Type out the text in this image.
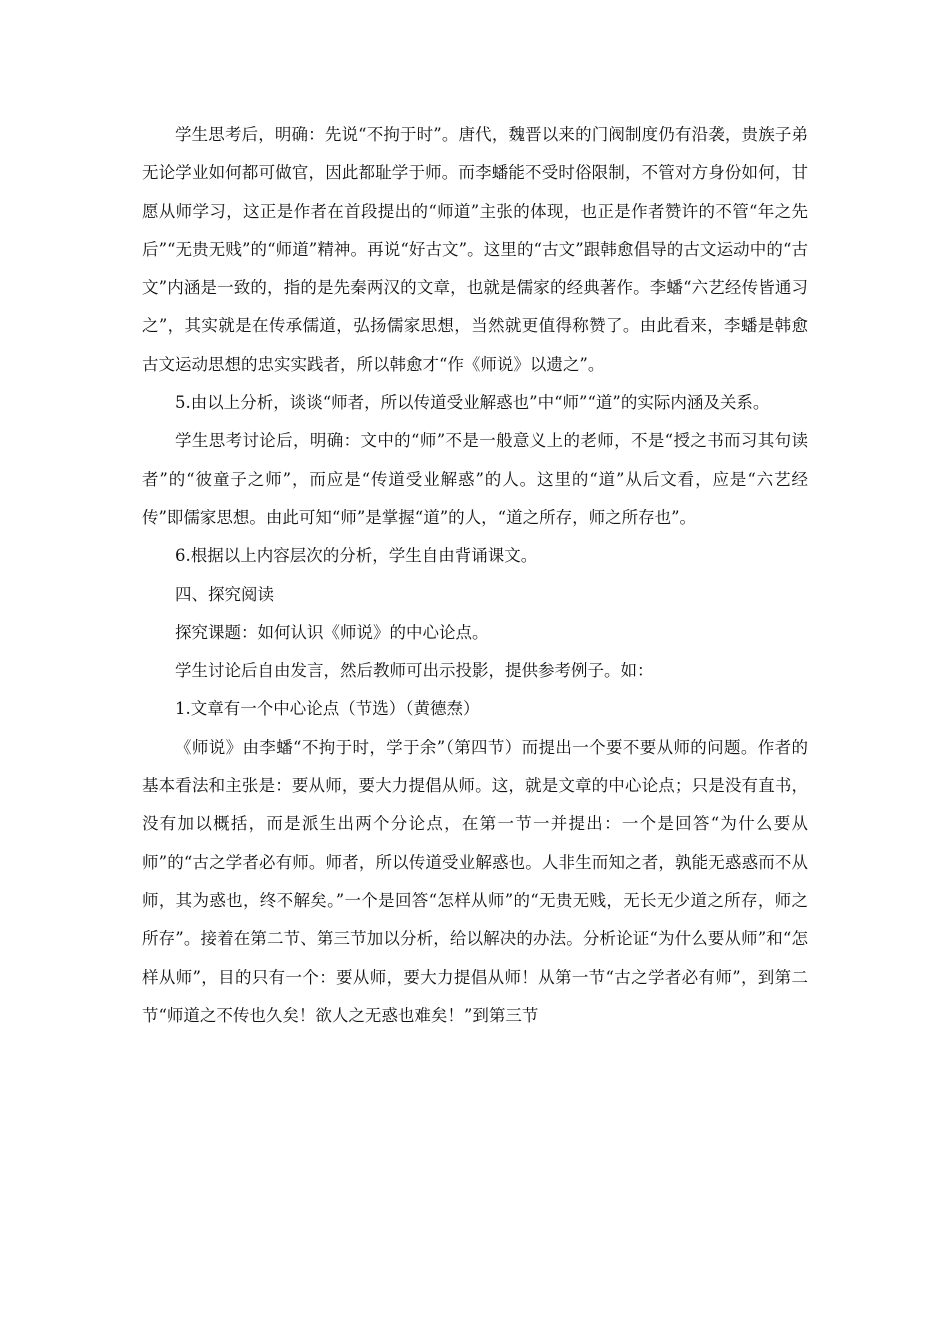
学生思考后，明确：先说“不拘于时”。唐代，魏晋以来的门阀制度仍有沿袭，贵族子弟无论学业如何都可做官，因此都耻学于师。而李蟠能不受时俗限制，不管对方身份如何，甘愿从师学习，这正是作者在首段提出的“师道”主张的体现，也正是作者赞许的不管“年之先后”“无贵无贱”的“师道”精神。再说“好古文”。这里的“古文”跟韩愈倡导的古文运动中的“古文”内涵是一致的，指的是先秦两汉的文章，也就是儒家的经典著作。李蟠“六艺经传皆通习之”，其实就是在传承儒道，弘扬儒家思想，当然就更值得称赞了。由此看来，李蟠是韩愈古文运动思想的忠实实践者，所以韩愈才“作《师说》以遗之”。

5.由以上分析，谈谈“师者，所以传道受业解惑也”中“师”“道”的实际内涵及关系。

学生思考讨论后，明确：文中的“师”不是一般意义上的老师，不是“授之书而习其句读者”的“彼童子之师”，而应是“传道受业解惑”的人。这里的“道”从后文看，应是“六艺经传”即儒家思想。由此可知“师”是掌握“道”的人，“道之所存，师之所存也”。

6.根据以上内容层次的分析，学生自由背诵课文。

四、探究阅读

探究课题：如何认识《师说》的中心论点。

学生讨论后自由发言，然后教师可出示投影，提供参考例子。如：

1.文章有一个中心论点（节选）（黄德焘）

《师说》由李蟠“不拘于时，学于余”（第四节）而提出一个要不要从师的问题。作者的基本看法和主张是：要从师，要大力提倡从师。这，就是文章的中心论点；只是没有直书，没有加以概括，而是派生出两个分论点，在第一节一并提出：一个是回答“为什么要从师”的“古之学者必有师。师者，所以传道受业解惑也。人非生而知之者，孰能无惑惑而不从师，其为惑也，终不解矣。”一个是回答“怎样从师”的“无贵无贱，无长无少道之所存，师之所存”。接着在第二节、第三节加以分析，给以解决的办法。分析论证“为什么要从师”和“怎样从师”，目的只有一个：要从师，要大力提倡从师！从第一节“古之学者必有师”，到第二节“师道之不传也久矣！欲人之无惑也难矣！”到第三节
